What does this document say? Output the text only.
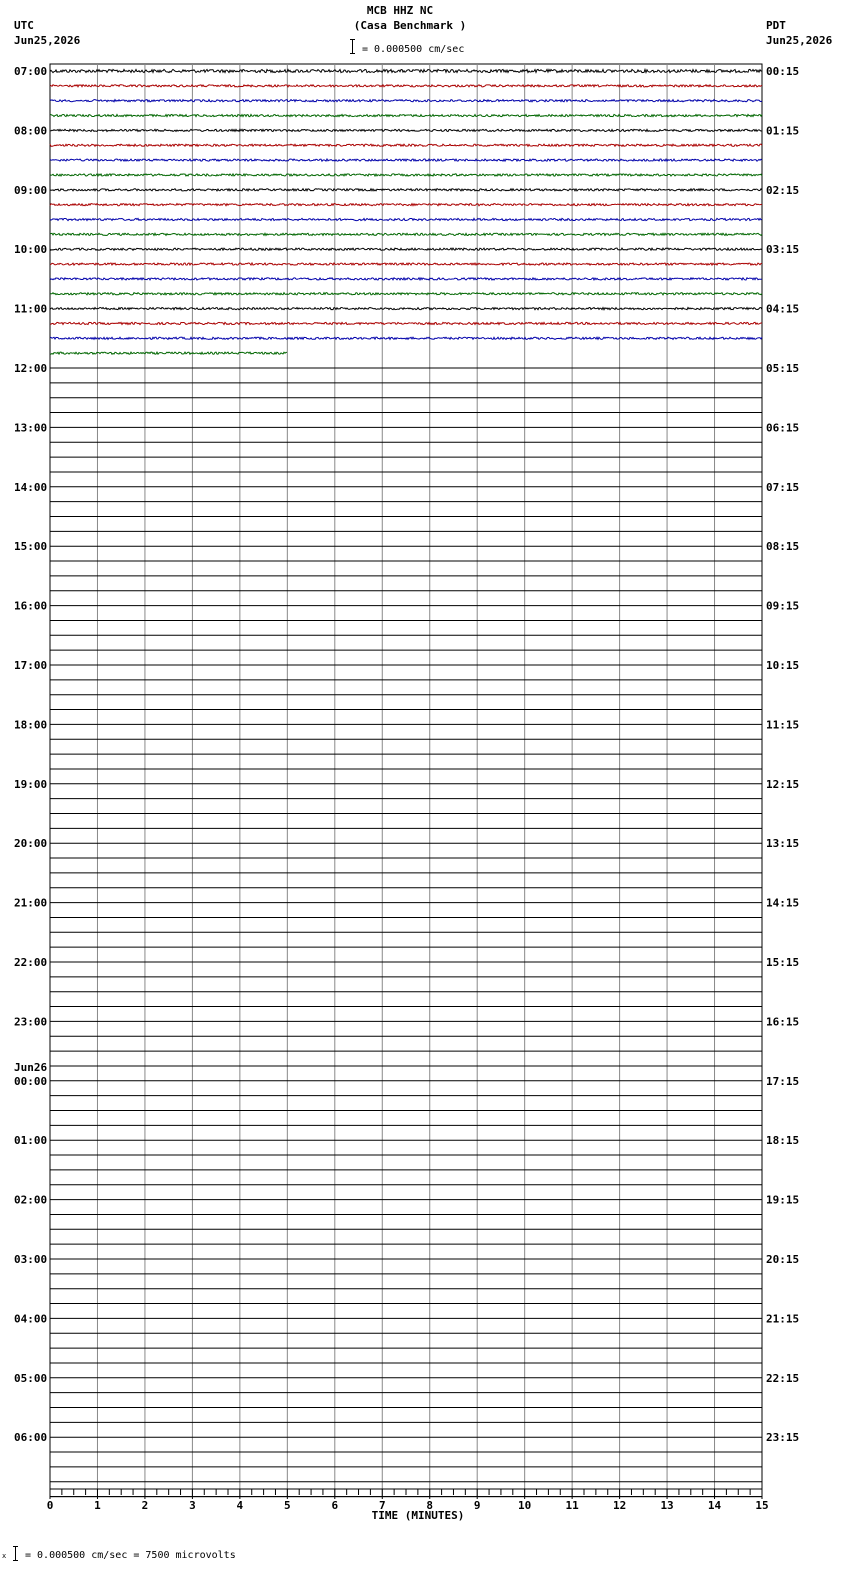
MCB HHZ NC
(Casa Benchmark )
= 0.000500 cm/sec
UTC
Jun25,2026
PDT
Jun25,2026
07:00
08:00
09:00
10:00
11:00
12:00
13:00
14:00
15:00
16:00
17:00
18:00
19:00
20:00
21:00
22:00
23:00
00:00
Jun26
01:00
02:00
03:00
04:00
05:00
06:00
00:15
01:15
02:15
03:15
04:15
05:15
06:15
07:15
08:15
09:15
10:15
11:15
12:15
13:15
14:15
15:15
16:15
17:15
18:15
19:15
20:15
21:15
22:15
23:15
0	1	2	3	4	5	6	7	8	9	10	11	12	13	14	15
TIME (MINUTES)
x = 0.000500 cm/sec = 7500 microvolts
